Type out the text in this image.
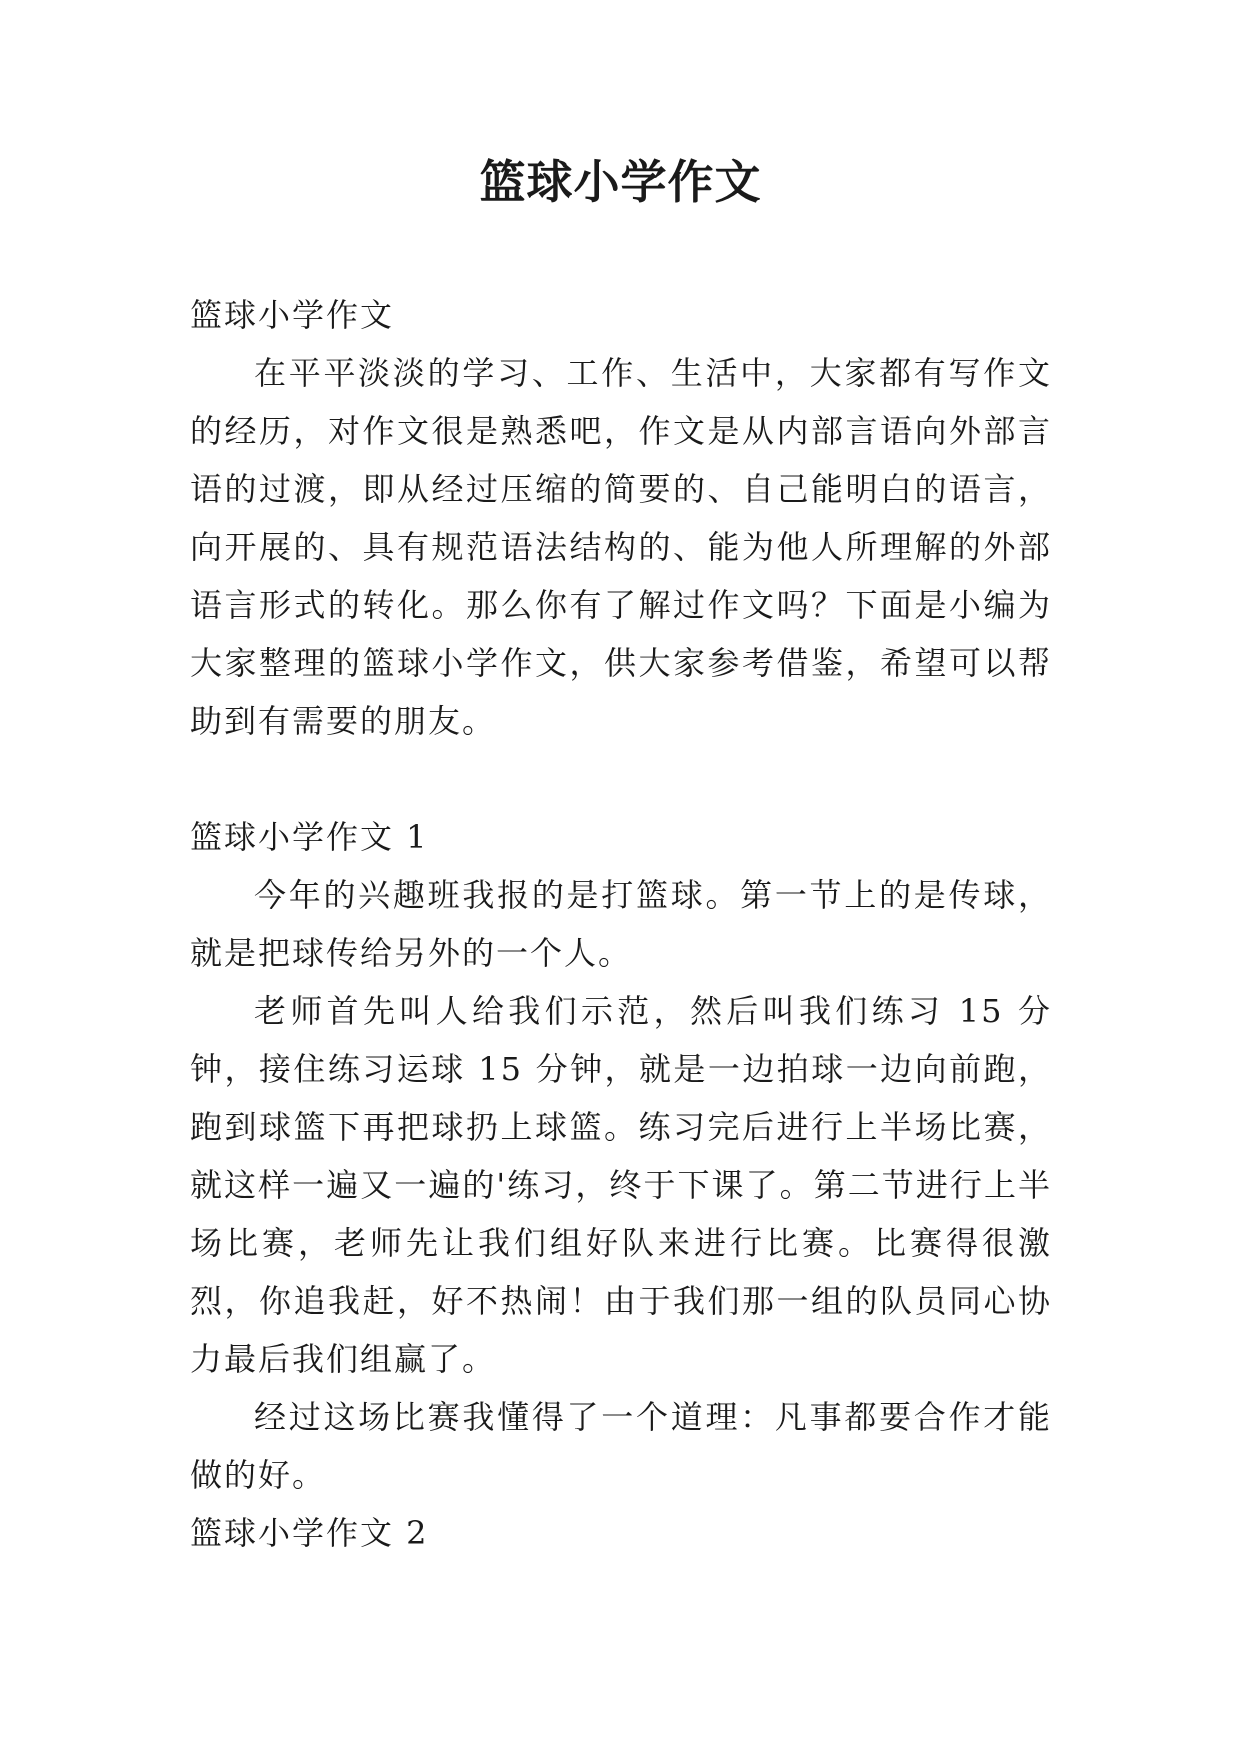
篮球小学作文

篮球小学作文

在平平淡淡的学习、工作、生活中，大家都有写作文的经历，对作文很是熟悉吧，作文是从内部言语向外部言语的过渡，即从经过压缩的简要的、自己能明白的语言，向开展的、具有规范语法结构的、能为他人所理解的外部语言形式的转化。那么你有了解过作文吗？下面是小编为大家整理的篮球小学作文，供大家参考借鉴，希望可以帮助到有需要的朋友。

篮球小学作文 1

今年的兴趣班我报的是打篮球。第一节上的是传球，就是把球传给另外的一个人。

老师首先叫人给我们示范，然后叫我们练习 15 分钟，接住练习运球 15 分钟，就是一边拍球一边向前跑，跑到球篮下再把球扔上球篮。练习完后进行上半场比赛，就这样一遍又一遍的'练习，终于下课了。第二节进行上半场比赛，老师先让我们组好队来进行比赛。比赛得很激烈，你追我赶，好不热闹！由于我们那一组的队员同心协力最后我们组赢了。

经过这场比赛我懂得了一个道理：凡事都要合作才能做的好。

篮球小学作文 2
